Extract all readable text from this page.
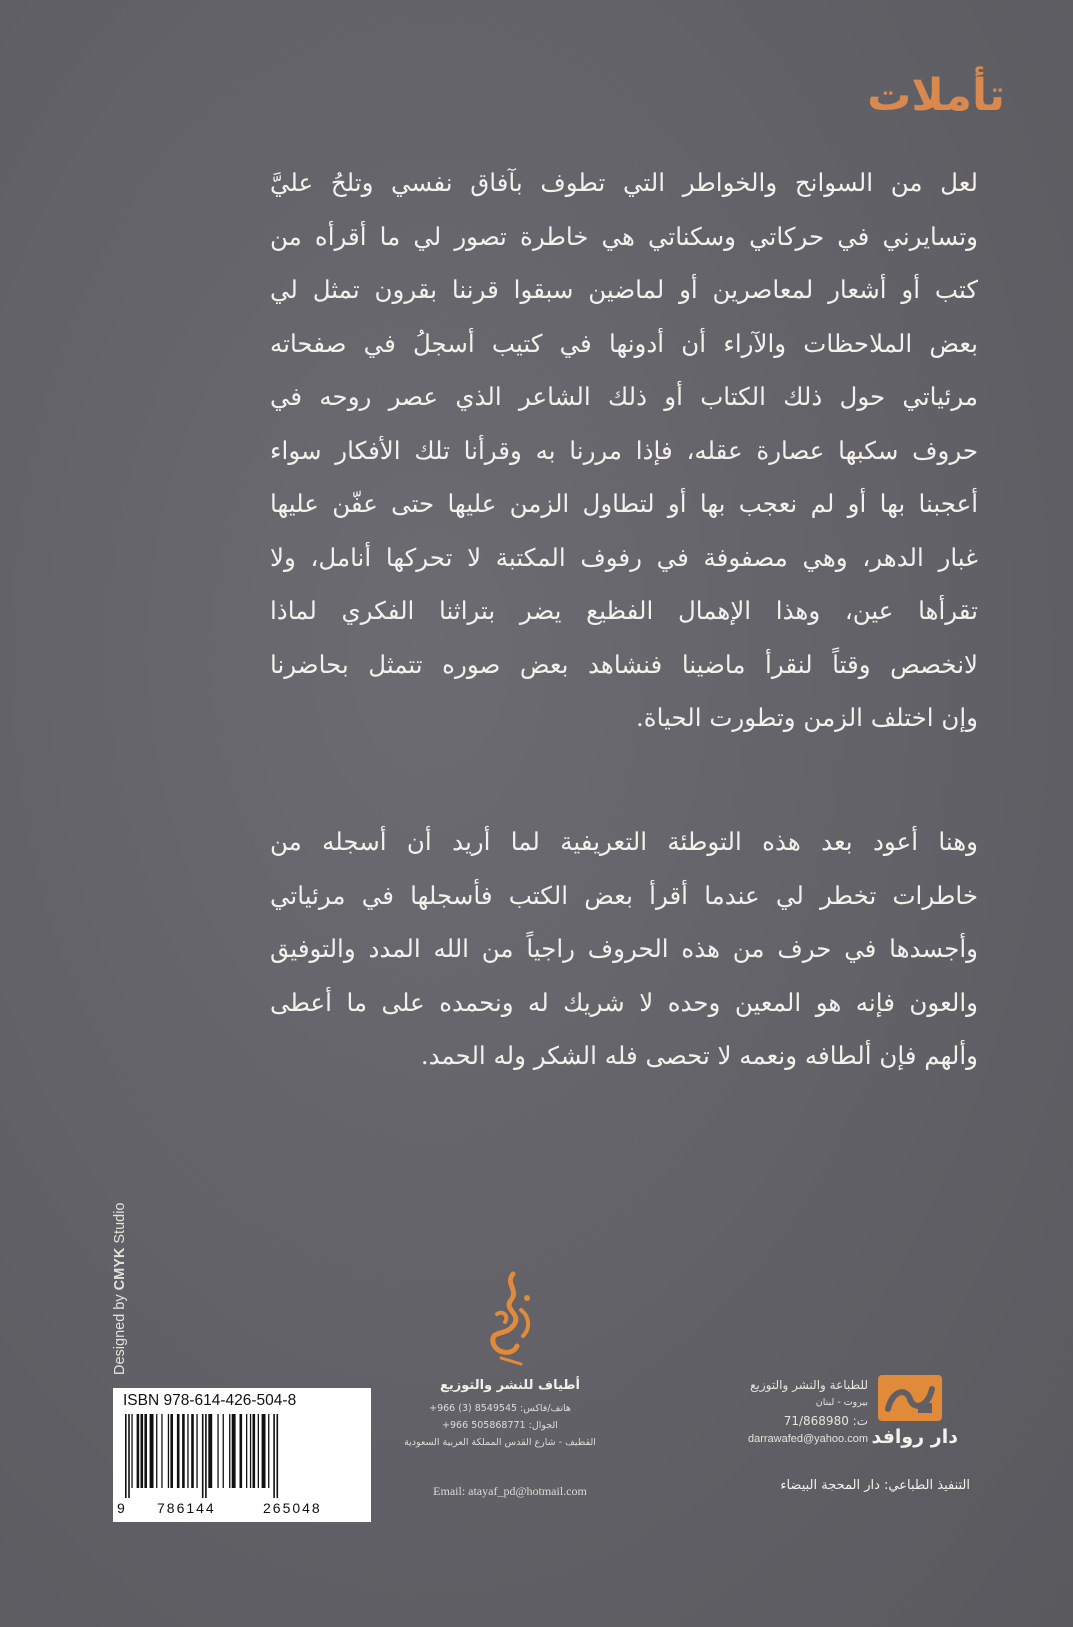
تأملات
لعل من السوانح والخواطر التي تطوف بآفاق نفسي وتلحُ عليَّ
وتسايرني في حركاتي وسكناتي هي خاطرة تصور لي ما أقرأه من
كتب أو أشعار لمعاصرين أو لماضين سبقوا قرننا بقرون تمثل لي
بعض الملاحظات والآراء أن أدونها في كتيب أسجلُ في صفحاته
مرئياتي حول ذلك الكتاب أو ذلك الشاعر الذي عصر روحه في
حروف سكبها عصارة عقله، فإذا مررنا به وقرأنا تلك الأفكار سواء
أعجبنا بها أو لم نعجب بها أو لتطاول الزمن عليها حتى عفّن عليها
غبار الدهر، وهي مصفوفة في رفوف المكتبة لا تحركها أنامل، ولا
تقرأها عين، وهذا الإهمال الفظيع يضر بتراثنا الفكري لماذا
لانخصص وقتاً لنقرأ ماضينا فنشاهد بعض صوره تتمثل بحاضرنا
وإن اختلف الزمن وتطورت الحياة.
وهنا أعود بعد هذه التوطئة التعريفية لما أريد أن أسجله من
خاطرات تخطر لي عندما أقرأ بعض الكتب فأسجلها في مرئياتي
وأجسدها في حرف من هذه الحروف راجياً من الله المدد والتوفيق
والعون فإنه هو المعين وحده لا شريك له ونحمده على ما أعطى
وألهم فإن ألطافه ونعمه لا تحصى فله الشكر وله الحمد.
Designed by CMYK Studio
ISBN 978-614-426-504-8
9 786144	265048
أطياف للنشر والتوزيع
هاتف/فاكس: 8549545 (3) 966+
الجوال: 505868771 966+
القطيف - شارع القدس المملكة العربية السعودية
Email: atayaf_pd@hotmail.com
دار روافد
للطباعة والنشر والتوزيع
بيروت - لبنان
ت: 71/868980
darrawafed@yahoo.com
التنفيذ الطباعي: دار المحجة البيضاء
